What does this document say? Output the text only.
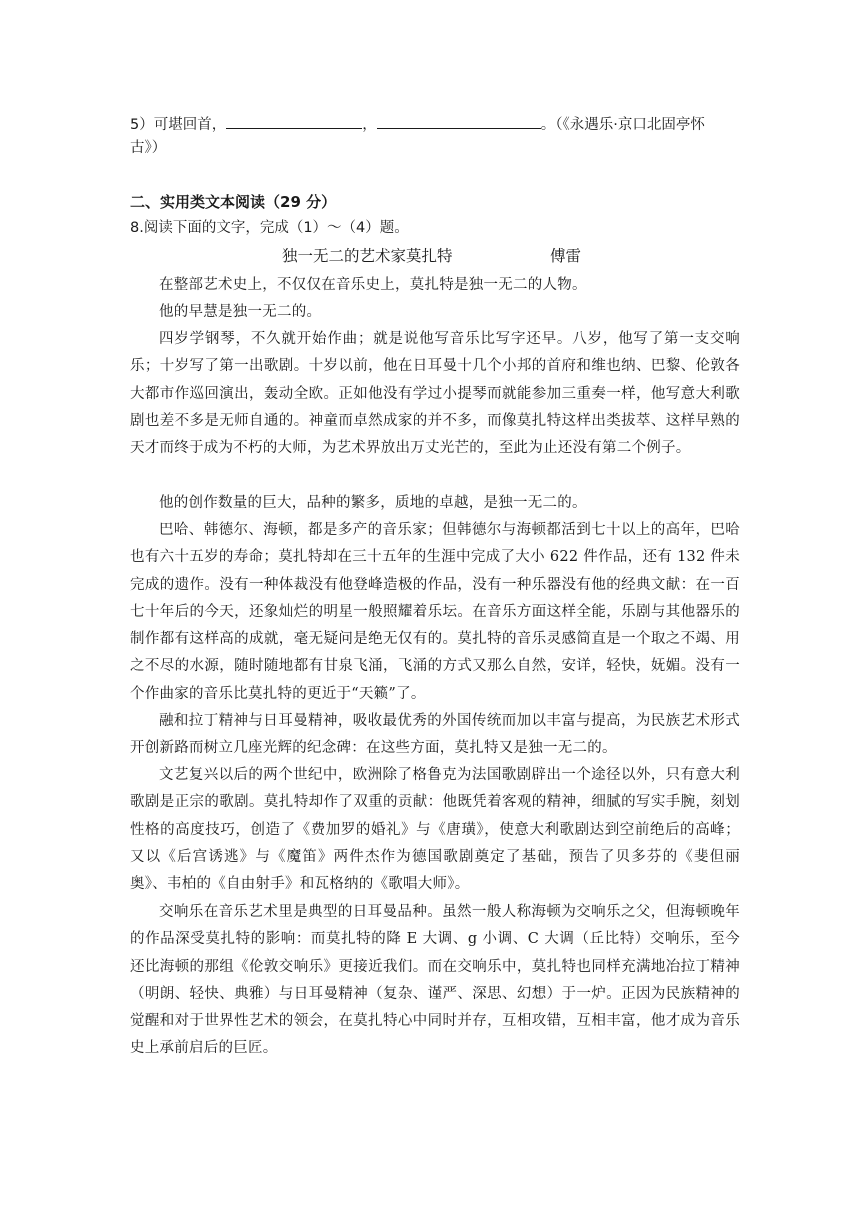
5）可堪回首，	，	。（《永遇乐·京口北固亭怀
古》）
二、实用类文本阅读（29 分）
8.阅读下面的文字，完成（1）～（4）题。
独一无二的艺术家莫扎特	傅雷
在整部艺术史上，不仅仅在音乐史上，莫扎特是独一无二的人物。
他的早慧是独一无二的。
四岁学钢琴，不久就开始作曲；就是说他写音乐比写字还早。八岁，他写了第一支交响乐；十岁写了第一出歌剧。十岁以前，他在日耳曼十几个小邦的首府和维也纳、巴黎、伦敦各大都市作巡回演出，轰动全欧。正如他没有学过小提琴而就能参加三重奏一样，他写意大利歌剧也差不多是无师自通的。神童而卓然成家的并不多，而像莫扎特这样出类拔萃、这样早熟的天才而终于成为不朽的大师，为艺术界放出万丈光芒的，至此为止还没有第二个例子。
他的创作数量的巨大，品种的繁多，质地的卓越，是独一无二的。
巴哈、韩德尔、海顿，都是多产的音乐家；但韩德尔与海顿都活到七十以上的高年，巴哈也有六十五岁的寿命；莫扎特却在三十五年的生涯中完成了大小 622 件作品，还有 132 件未完成的遗作。没有一种体裁没有他登峰造极的作品，没有一种乐器没有他的经典文献：在一百七十年后的今天，还象灿烂的明星一般照耀着乐坛。在音乐方面这样全能，乐剧与其他器乐的制作都有这样高的成就，毫无疑问是绝无仅有的。莫扎特的音乐灵感简直是一个取之不竭、用之不尽的水源，随时随地都有甘泉飞涌，飞涌的方式又那么自然，安详，轻快，妩媚。没有一个作曲家的音乐比莫扎特的更近于“天籁”了。
融和拉丁精神与日耳曼精神，吸收最优秀的外国传统而加以丰富与提高，为民族艺术形式开创新路而树立几座光辉的纪念碑：在这些方面，莫扎特又是独一无二的。
文艺复兴以后的两个世纪中，欧洲除了格鲁克为法国歌剧辟出一个途径以外，只有意大利歌剧是正宗的歌剧。莫扎特却作了双重的贡献：他既凭着客观的精神，细腻的写实手腕，刻划性格的高度技巧，创造了《费加罗的婚礼》与《唐璜》，使意大利歌剧达到空前绝后的高峰；又以《后宫诱逃》与《魔笛》两件杰作为德国歌剧奠定了基础，预告了贝多芬的《斐但丽奥》、韦柏的《自由射手》和瓦格纳的《歌唱大师》。
交响乐在音乐艺术里是典型的日耳曼品种。虽然一般人称海顿为交响乐之父，但海顿晚年的作品深受莫扎特的影响：而莫扎特的降 E 大调、g 小调、C 大调（丘比特）交响乐，至今还比海顿的那组《伦敦交响乐》更接近我们。而在交响乐中，莫扎特也同样充满地冶拉丁精神（明朗、轻快、典雅）与日耳曼精神（复杂、谨严、深思、幻想）于一炉。正因为民族精神的觉醒和对于世界性艺术的领会，在莫扎特心中同时并存，互相攻错，互相丰富，他才成为音乐史上承前启后的巨匠。
